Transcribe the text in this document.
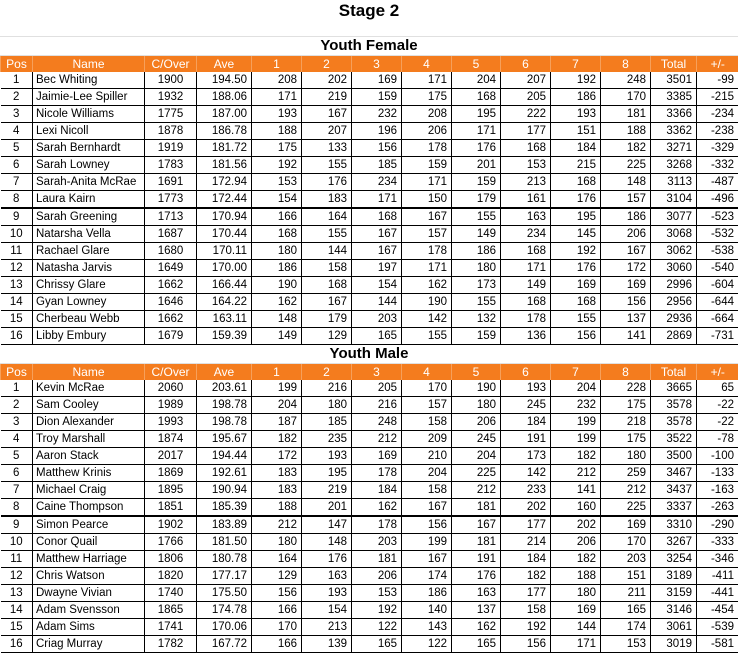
Stage 2
Youth Female
Pos	Name	C/Over	Ave	1	2	3	4	5	6	7	8	Total	+/-
1	Bec Whiting	1900	194.50	208	202	169	171	204	207	192	248	3501	-99
2	Jaimie-Lee Spiller	1932	188.06	171	219	159	175	168	205	186	170	3385	-215
3	Nicole Williams	1775	187.00	193	167	232	208	195	222	193	181	3366	-234
4	Lexi Nicoll	1878	186.78	188	207	196	206	171	177	151	188	3362	-238
5	Sarah Bernhardt	1919	181.72	175	133	156	178	176	168	184	182	3271	-329
6	Sarah Lowney	1783	181.56	192	155	185	159	201	153	215	225	3268	-332
7	Sarah-Anita McRae	1691	172.94	153	176	234	171	159	213	168	148	3113	-487
8	Laura Kairn	1773	172.44	154	183	171	150	179	161	176	157	3104	-496
9	Sarah Greening	1713	170.94	166	164	168	167	155	163	195	186	3077	-523
10	Natarsha Vella	1687	170.44	168	155	167	157	149	234	145	206	3068	-532
11	Rachael Glare	1680	170.11	180	144	167	178	186	168	192	167	3062	-538
12	Natasha Jarvis	1649	170.00	186	158	197	171	180	171	176	172	3060	-540
13	Chrissy Glare	1662	166.44	190	168	154	162	173	149	169	169	2996	-604
14	Gyan Lowney	1646	164.22	162	167	144	190	155	168	168	156	2956	-644
15	Cherbeau Webb	1662	163.11	148	179	203	142	132	178	155	137	2936	-664
16	Libby Embury	1679	159.39	149	129	165	155	159	136	156	141	2869	-731
Youth Male
Pos	Name	C/Over	Ave	1	2	3	4	5	6	7	8	Total	+/-
1	Kevin McRae	2060	203.61	199	216	205	170	190	193	204	228	3665	65
2	Sam Cooley	1989	198.78	204	180	216	157	180	245	232	175	3578	-22
3	Dion Alexander	1993	198.78	187	185	248	158	206	184	199	218	3578	-22
4	Troy Marshall	1874	195.67	182	235	212	209	245	191	199	175	3522	-78
5	Aaron Stack	2017	194.44	172	193	169	210	204	173	182	180	3500	-100
6	Matthew Krinis	1869	192.61	183	195	178	204	225	142	212	259	3467	-133
7	Michael Craig	1895	190.94	183	219	184	158	212	233	141	212	3437	-163
8	Caine Thompson	1851	185.39	188	201	162	167	181	202	160	225	3337	-263
9	Simon Pearce	1902	183.89	212	147	178	156	167	177	202	169	3310	-290
10	Conor Quail	1766	181.50	180	148	203	199	181	214	206	170	3267	-333
11	Matthew Harriage	1806	180.78	164	176	181	167	191	184	182	203	3254	-346
12	Chris Watson	1820	177.17	129	163	206	174	176	182	188	151	3189	-411
13	Dwayne Vivian	1740	175.50	156	193	153	186	163	177	180	211	3159	-441
14	Adam Svensson	1865	174.78	166	154	192	140	137	158	169	165	3146	-454
15	Adam Sims	1741	170.06	170	213	122	143	162	192	144	174	3061	-539
16	Criag Murray	1782	167.72	166	139	165	122	165	156	171	153	3019	-581
